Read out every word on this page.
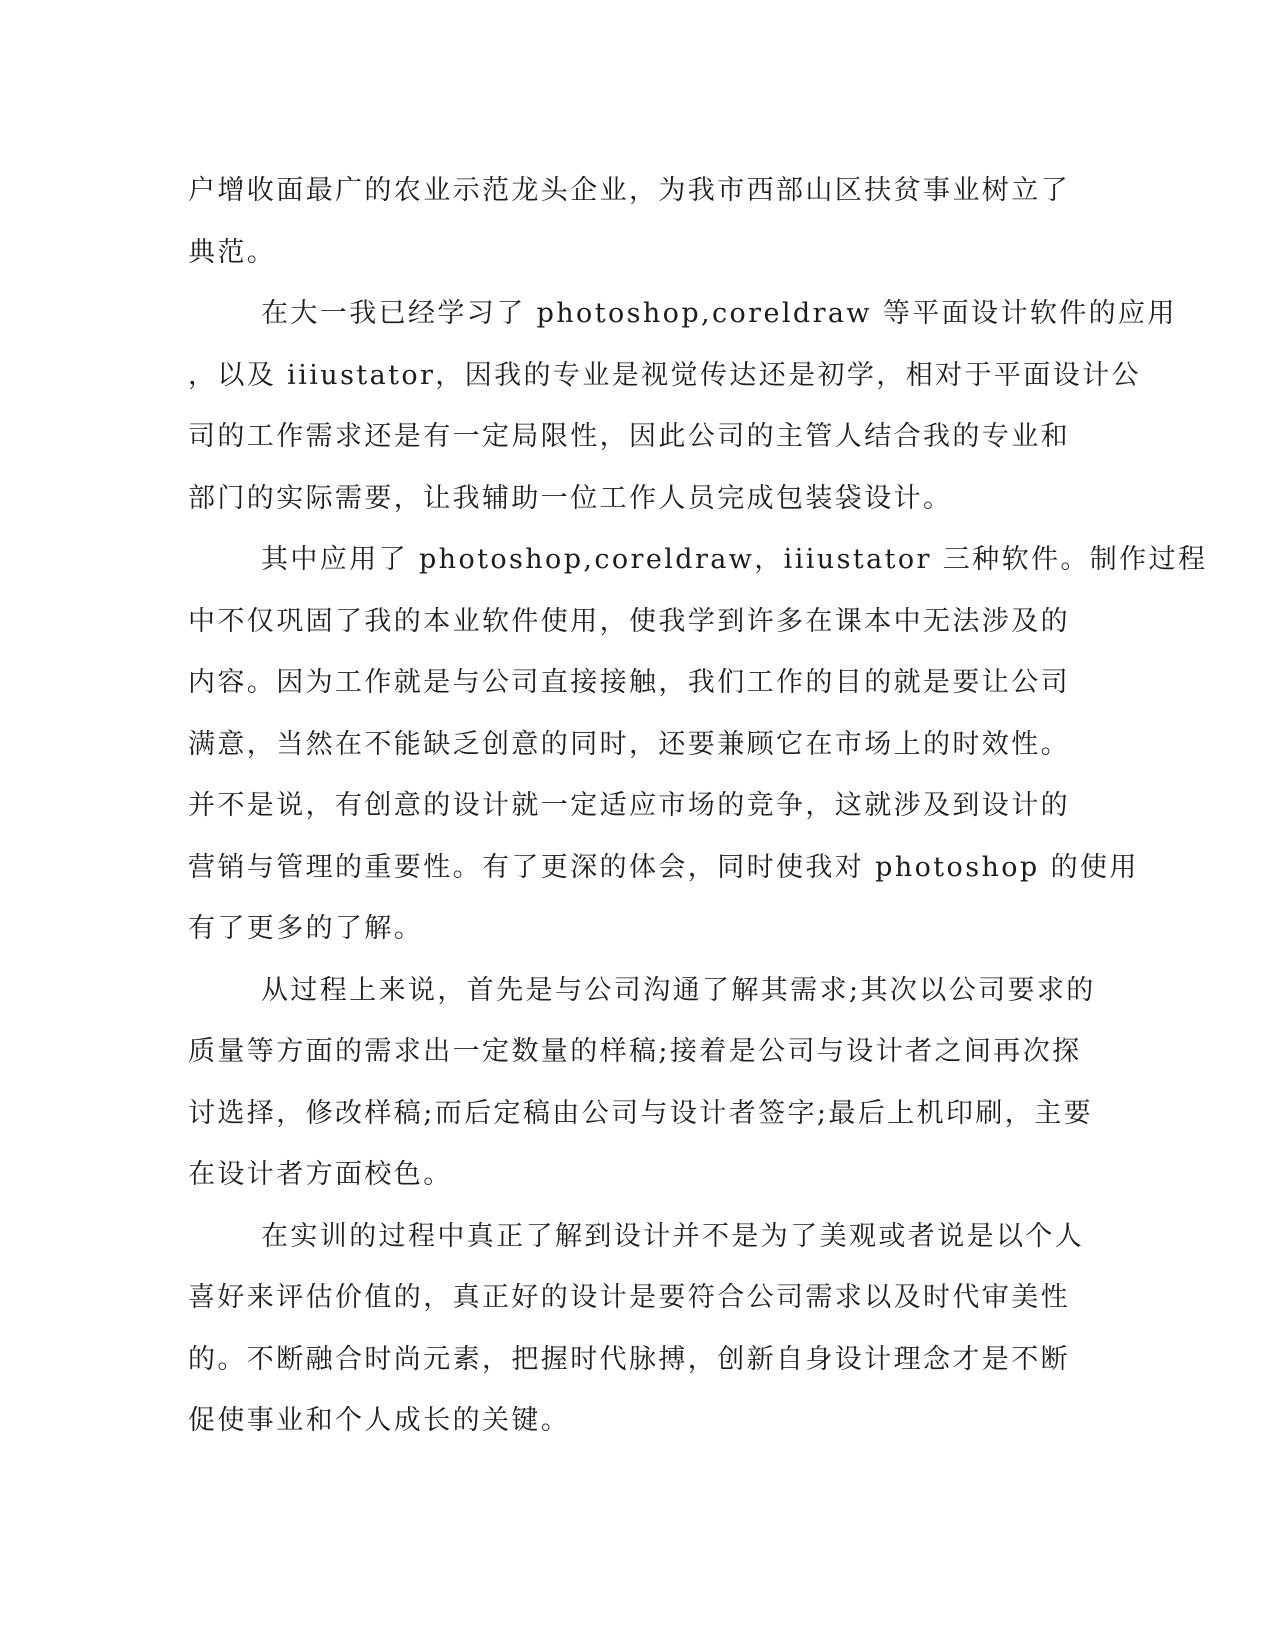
户增收面最广的农业示范龙头企业，为我市西部山区扶贫事业树立了
典范。
在大一我已经学习了 photoshop,coreldraw 等平面设计软件的应用
，以及 iiiustator，因我的专业是视觉传达还是初学，相对于平面设计公
司的工作需求还是有一定局限性，因此公司的主管人结合我的专业和
部门的实际需要，让我辅助一位工作人员完成包装袋设计。
其中应用了 photoshop,coreldraw，iiiustator 三种软件。制作过程
中不仅巩固了我的本业软件使用，使我学到许多在课本中无法涉及的
内容。因为工作就是与公司直接接触，我们工作的目的就是要让公司
满意，当然在不能缺乏创意的同时，还要兼顾它在市场上的时效性。
并不是说，有创意的设计就一定适应市场的竞争，这就涉及到设计的
营销与管理的重要性。有了更深的体会，同时使我对 photoshop 的使用
有了更多的了解。
从过程上来说，首先是与公司沟通了解其需求;其次以公司要求的
质量等方面的需求出一定数量的样稿;接着是公司与设计者之间再次探
讨选择，修改样稿;而后定稿由公司与设计者签字;最后上机印刷，主要
在设计者方面校色。
在实训的过程中真正了解到设计并不是为了美观或者说是以个人
喜好来评估价值的，真正好的设计是要符合公司需求以及时代审美性
的。不断融合时尚元素，把握时代脉搏，创新自身设计理念才是不断
促使事业和个人成长的关键。
